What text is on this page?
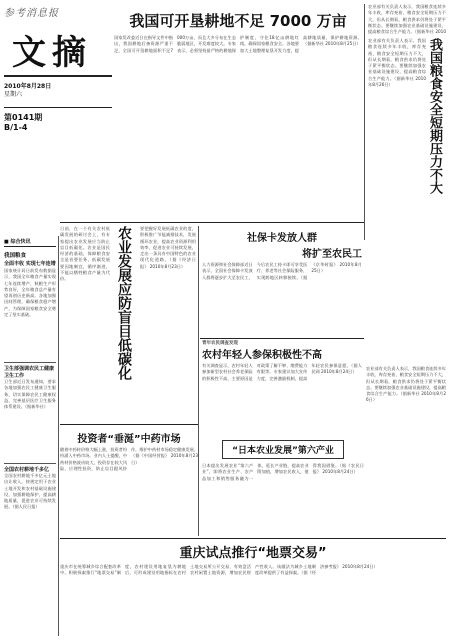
参考消息报
文摘
2010年8月28日
星期六
第0141期
B/1-4
■ 综合快讯
我国粮食
全面丰收 实现七年连增
国家统计局日前发布数据显示，我国全年粮食产量实现七年连续增产，秋粮生产形势良好，全年粮食总产量有望再创历史新高。各地加强田间管理，确保粮食稳产增产，为保障国家粮食安全奠定了坚实基础。
卫生部强调农民工健康卫生工作
卫生部近日发布通知，要求各地加强农民工健康卫生服务，切实保障农民工健康权益，完善基层医疗卫生服务体系建设。（据新华社）
全国农村耕地千多亿
全国农村耕地千多亿元土地出让收入，按规定用于农业土地开发和农村基础设施建设，加强耕地保护，提高耕地质量，促进农业可持续发展。（据人民日报）
我国可开垦耕地不足 7000 万亩
国家发改委近日在指导文件中指出，我国耕地后备资源严重不足，全国可开垦耕地面积不足7000万亩，而且大多分布在生态脆弱地区，开发难度较大。专家表示，必须坚持最严格的耕地保护制度，守住18亿亩耕地红线，确保国家粮食安全。各地要加大土地整理复垦开发力度，提高耕地质量，保护耕地资源。（据新华社 2010年8月25日）
农业部有关负责人表示，我国粮食连续多年丰收，库存充裕，粮食安全短期压力不大，但从长期看，粮食供求仍将处于紧平衡状态。要继续加强农业基础设施建设，提高粮食综合生产能力。（据新华社 2010
我国粮食安全短期压力不大
农业部有关负责人表示，我国粮食连续多年丰收，库存充裕，粮食安全短期压力不大，但从长期看，粮食供求仍将处于紧平衡状态。要继续加强农业基础设施建设，提高粮食综合生产能力。（据新华社 2010年8月26日）
日前，在一个有关农村低碳发展的研讨会上，有专家提出农业发展应当防止盲目低碳化。农业是国民经济的基础，保障粮食安全是首要任务，低碳发展要因地制宜，循序渐进，不能以牺牲粮食产量为代价。	农业发展应防盲目低碳化	要把握好发展低碳农业的度，积极推广节能减排技术，发展循环农业，提高农业资源利用效率，促进农业可持续发展，走出一条具有中国特色的农业现代化道路。（据《经济日报》 2010年8月23日）
社保卡发放人群
将扩至农民工
人力资源和社会保障部近日表示，全国社会保障卡发放人群将逐步扩大至农民工，今后农民工持卡即可享受医疗、养老等社会保险服务，实现跨地区转移接续。（据《京华时报》 2010年8月25日）
青年农民调查发现
农村年轻人参保积极性不高
有关调查显示，农村年轻人参加新型农村社会养老保险的积极性不高，主要原因是对政策了解不够、缴费能力有限等。专家建议加大宣传力度，完善激励机制，提高年轻农民参保意愿。（据人民网 2010年8月24日）
农业部有关负责人表示，我国粮食连续多年丰收，库存充裕，粮食安全短期压力不大，但从长期看，粮食供求仍将处于紧平衡状态。要继续加强农业基础设施建设，提高粮食综合生产能力。（据新华社 2010年8月26日）
投资者“垂涎”中药市场
随着中药材价格大幅上涨，投资者纷纷涌入中药市场。业内人士提醒，中药材价格波动较大，投资存在较大风险，应理性投资，防止盲目跟风炒作，维护中药材市场稳定健康发展。（据《中国经营报》 2010年8月23日）
“日本农业发展”第六产业
日本提出发展农业“第六产业”，即将农业生产、农产品加工和销售服务融为一体，延长产业链，提高农业附加值，增加农民收入，值得我国借鉴。（据《农民日报》 2010年8月24日）
重庆试点推行“地票交易”
重庆市在统筹城乡综合配套改革中，积极探索推行“地票交易”制度，农村建设用地复垦为耕地后，可形成建设用地指标在农村土地交易所公开交易，有效盘活农村闲置土地资源，增加农民财产性收入。该做法为城乡土地制度改革提供了有益探索。（据《经济参考报》 2010年8月24日）
